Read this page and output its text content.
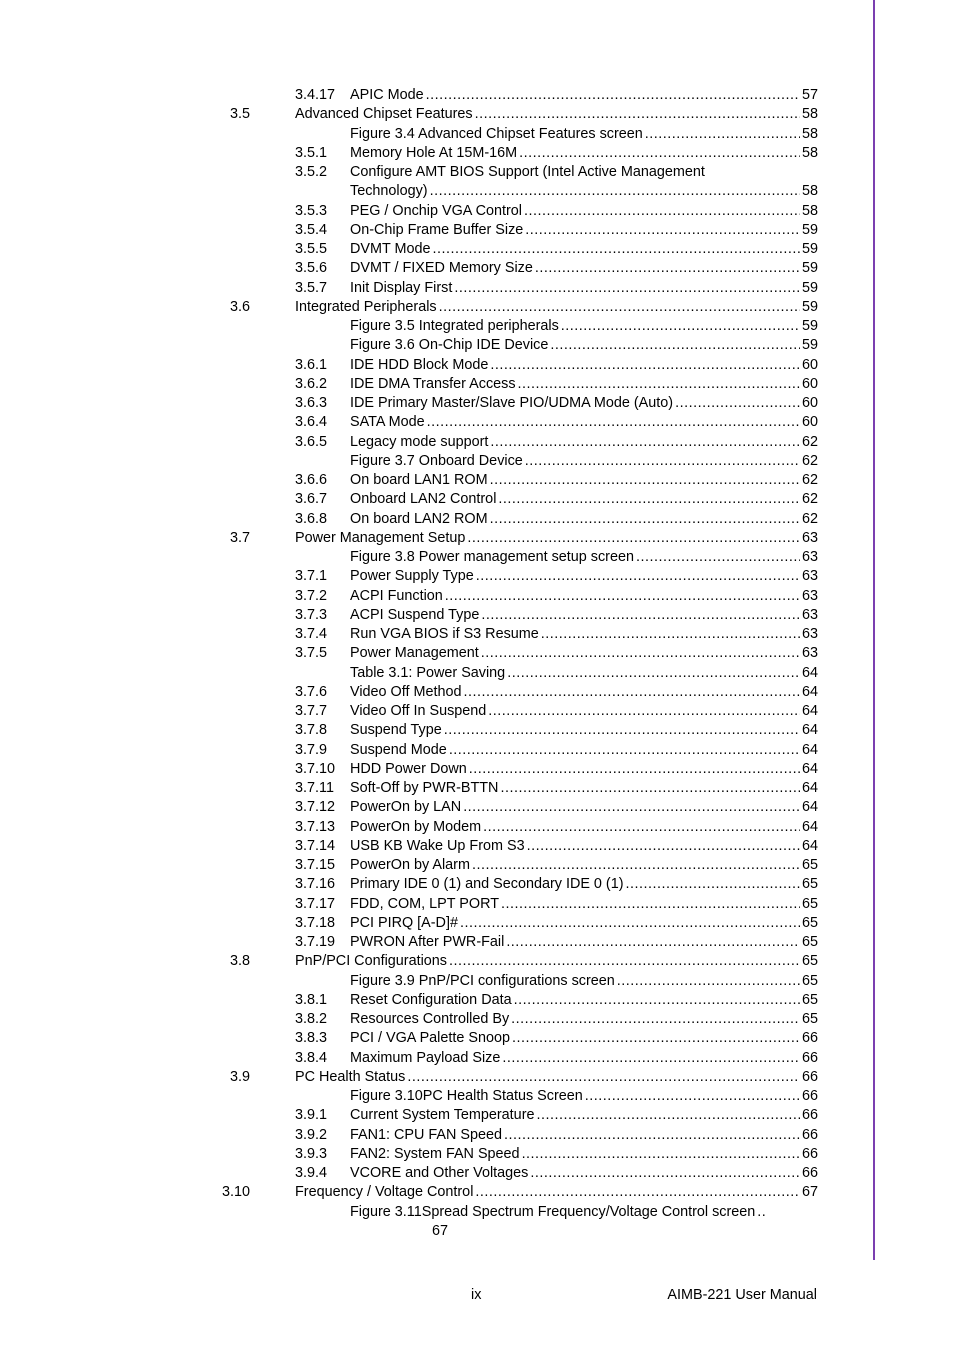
3.4.17 APIC Mode .....	57
3.5	Advanced Chipset Features .....	58
Figure 3.4 Advanced Chipset Features screen .....	58
3.5.1 Memory Hole At 15M-16M .....	58
3.5.2 Configure AMT BIOS Support (Intel Active Management
Technology) .....	58
3.5.3 PEG / Onchip VGA Control .....	58
3.5.4 On-Chip Frame Buffer Size .....	59
3.5.5 DVMT Mode .....	59
3.5.6 DVMT / FIXED Memory Size .....	59
3.5.7 Init Display First .....	59
3.6	Integrated Peripherals .....	59
Figure 3.5 Integrated peripherals .....	59
Figure 3.6 On-Chip IDE Device .....	59
3.6.1 IDE HDD Block Mode .....	60
3.6.2 IDE DMA Transfer Access .....	60
3.6.3 IDE Primary Master/Slave PIO/UDMA Mode (Auto) .....	60
3.6.4 SATA Mode .....	60
3.6.5 Legacy mode support .....	62
Figure 3.7 Onboard Device .....	62
3.6.6 On board LAN1 ROM .....	62
3.6.7 Onboard LAN2 Control .....	62
3.6.8 On board LAN2 ROM .....	62
3.7	Power Management Setup .....	63
Figure 3.8 Power management setup screen .....	63
3.7.1 Power Supply Type .....	63
3.7.2 ACPI Function .....	63
3.7.3 ACPI Suspend Type .....	63
3.7.4 Run VGA BIOS if S3 Resume .....	63
3.7.5 Power Management .....	63
Table 3.1: Power Saving .....	64
3.7.6 Video Off Method .....	64
3.7.7 Video Off In Suspend .....	64
3.7.8 Suspend Type .....	64
3.7.9 Suspend Mode .....	64
3.7.10 HDD Power Down .....	64
3.7.11 Soft-Off by PWR-BTTN .....	64
3.7.12 PowerOn by LAN .....	64
3.7.13 PowerOn by Modem .....	64
3.7.14 USB KB Wake Up From S3 .....	64
3.7.15 PowerOn by Alarm .....	65
3.7.16 Primary IDE 0 (1) and Secondary IDE 0 (1) .....	65
3.7.17 FDD, COM, LPT PORT .....	65
3.7.18 PCI PIRQ [A-D]# .....	65
3.7.19 PWRON After PWR-Fail .....	65
3.8	PnP/PCI Configurations .....	65
Figure 3.9 PnP/PCI configurations screen .....	65
3.8.1 Reset Configuration Data .....	65
3.8.2 Resources Controlled By .....	65
3.8.3 PCI / VGA Palette Snoop .....	66
3.8.4 Maximum Payload Size .....	66
3.9	PC Health Status .....	66
Figure 3.10PC Health Status Screen .....	66
3.9.1 Current System Temperature .....	66
3.9.2 FAN1: CPU FAN Speed .....	66
3.9.3 FAN2: System FAN Speed .....	66
3.9.4 VCORE and Other Voltages .....	66
3.10	Frequency / Voltage Control .....	67
Figure 3.11Spread Spectrum Frequency/Voltage Control screen
..
67
ix	AIMB-221 User Manual
